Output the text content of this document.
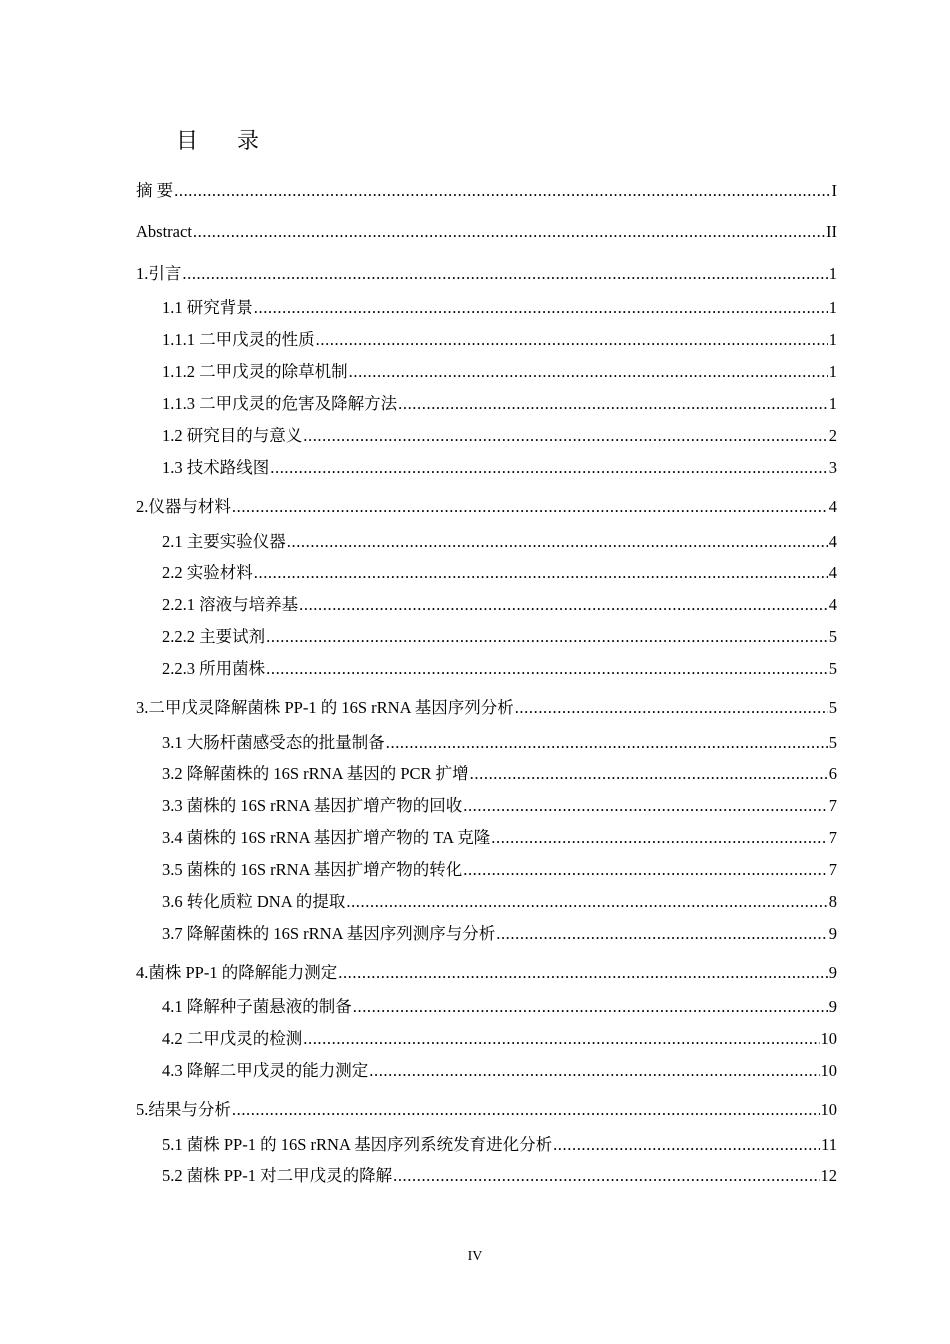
目 录
摘 要 .....	I
Abstract .....	II
1.引言 .....	1
1.1 研究背景 .....	1
1.1.1 二甲戊灵的性质 .....	1
1.1.2 二甲戊灵的除草机制 .....	1
1.1.3 二甲戊灵的危害及降解方法 .....	1
1.2 研究目的与意义 .....	2
1.3 技术路线图 .....	3
2.仪器与材料 .....	4
2.1 主要实验仪器 .....	4
2.2 实验材料 .....	4
2.2.1 溶液与培养基 .....	4
2.2.2 主要试剂 .....	5
2.2.3 所用菌株 .....	5
3.二甲戊灵降解菌株 PP-1 的 16S rRNA 基因序列分析 .....	5
3.1 大肠杆菌感受态的批量制备 .....	5
3.2 降解菌株的 16S rRNA 基因的 PCR 扩增 .....	6
3.3 菌株的 16S rRNA 基因扩增产物的回收 .....	7
3.4 菌株的 16S rRNA 基因扩增产物的 TA 克隆 .....	7
3.5 菌株的 16S rRNA 基因扩增产物的转化 .....	7
3.6 转化质粒 DNA 的提取 .....	8
3.7 降解菌株的 16S rRNA 基因序列测序与分析 .....	9
4.菌株 PP-1 的降解能力测定 .....	9
4.1 降解种子菌悬液的制备 .....	9
4.2 二甲戊灵的检测 .....	10
4.3 降解二甲戊灵的能力测定 .....	10
5.结果与分析 .....	10
5.1 菌株 PP-1 的 16S rRNA 基因序列系统发育进化分析 .....	11
5.2 菌株 PP-1 对二甲戊灵的降解 .....	12
IV
